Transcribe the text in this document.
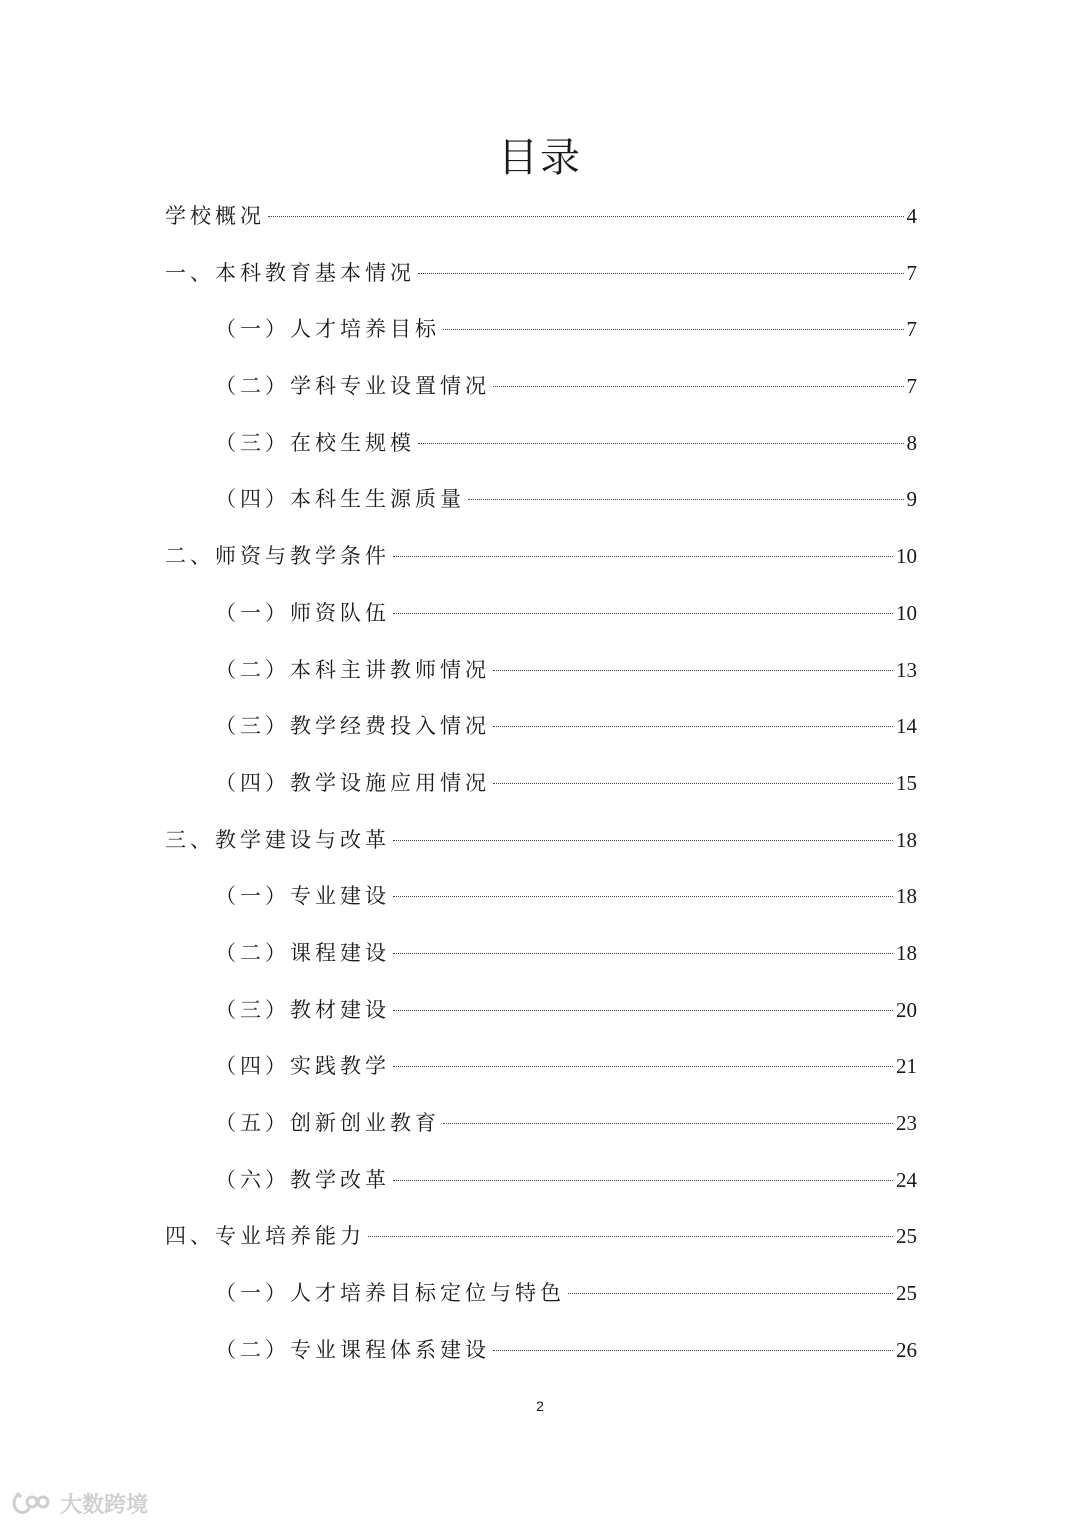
目录
学校概况	4
一、本科教育基本情况	7
（一）人才培养目标	7
（二）学科专业设置情况	7
（三）在校生规模	8
（四）本科生生源质量	9
二、师资与教学条件	10
（一）师资队伍	10
（二）本科主讲教师情况	13
（三）教学经费投入情况	14
（四）教学设施应用情况	15
三、教学建设与改革	18
（一）专业建设	18
（二）课程建设	18
（三）教材建设	20
（四）实践教学	21
（五）创新创业教育	23
（六）教学改革	24
四、专业培养能力	25
（一）人才培养目标定位与特色	25
（二）专业课程体系建设	26
2
大数跨境
